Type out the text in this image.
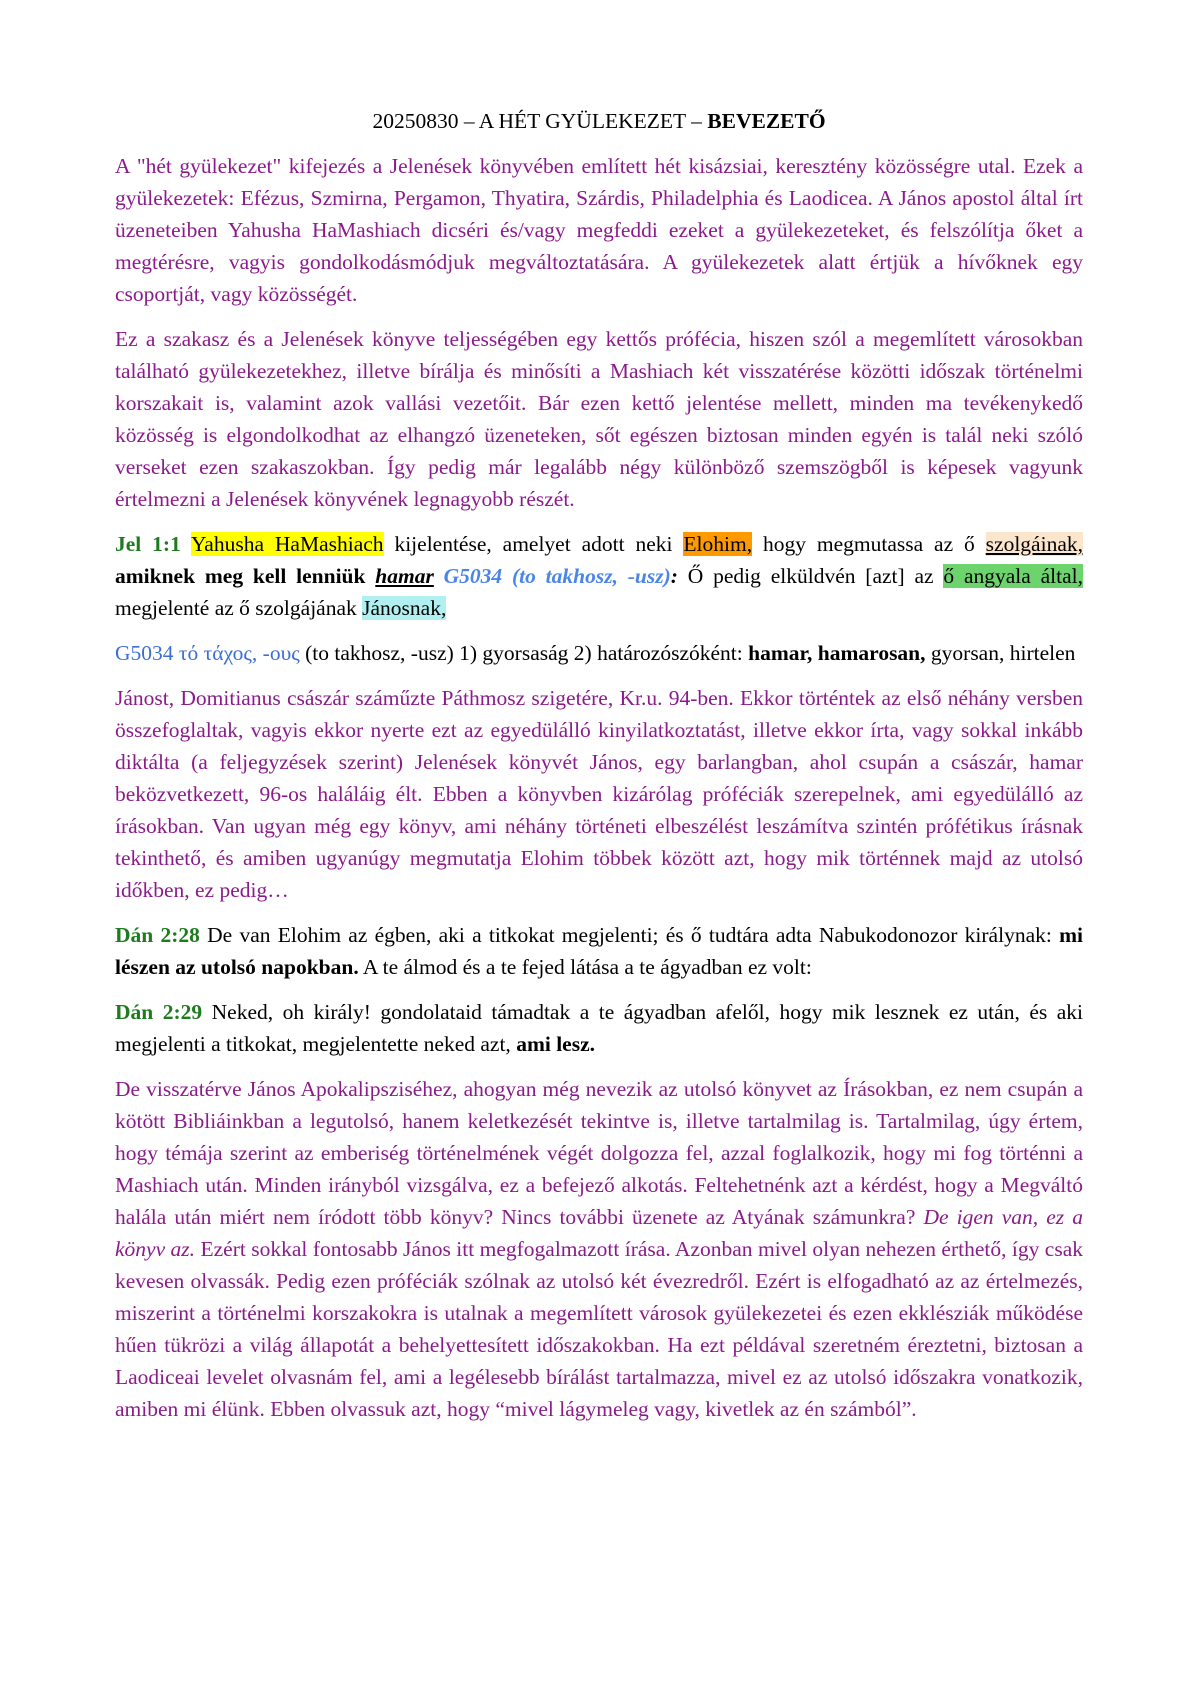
20250830 – A HÉT GYÜLEKEZET – BEVEZETŐ

A "hét gyülekezet" kifejezés a Jelenések könyvében említett hét kisázsiai, keresztény közösségre utal. Ezek a gyülekezetek: Efézus, Szmirna, Pergamon, Thyatira, Szárdis, Philadelphia és Laodicea. A János apostol által írt üzeneteiben Yahusha HaMashiach dicséri és/vagy megfeddi ezeket a gyülekezeteket, és felszólítja őket a megtérésre, vagyis gondolkodásmódjuk megváltoztatására. A gyülekezetek alatt értjük a hívőknek egy csoportját, vagy közösségét.

Ez a szakasz és a Jelenések könyve teljességében egy kettős prófécia, hiszen szól a megemlített városokban található gyülekezetekhez, illetve bírálja és minősíti a Mashiach két visszatérése közötti időszak történelmi korszakait is, valamint azok vallási vezetőit. Bár ezen kettő jelentése mellett, minden ma tevékenykedő közösség is elgondolkodhat az elhangzó üzeneteken, sőt egészen biztosan minden egyén is talál neki szóló verseket ezen szakaszokban. Így pedig már legalább négy különböző szemszögből is képesek vagyunk értelmezni a Jelenések könyvének legnagyobb részét.

Jel 1:1 Yahusha HaMashiach kijelentése, amelyet adott neki Elohim, hogy megmutassa az ő szolgáinak, amiknek meg kell lenniük hamar G5034 (to takhosz, -usz): Ő pedig elküldvén [azt] az ő angyala által, megjelenté az ő szolgájának Jánosnak,

G5034 τό τάχος, -ους (to takhosz, -usz) 1) gyorsaság 2) határozószóként: hamar, hamarosan, gyorsan, hirtelen

Jánost, Domitianus császár száműzte Páthmosz szigetére, Kr.u. 94-ben. Ekkor történtek az első néhány versben összefoglaltak, vagyis ekkor nyerte ezt az egyedülálló kinyilatkoztatást, illetve ekkor írta, vagy sokkal inkább diktálta (a feljegyzések szerint) Jelenések könyvét János, egy barlangban, ahol csupán a császár, hamar beközvetkezett, 96-os haláláig élt. Ebben a könyvben kizárólag próféciák szerepelnek, ami egyedülálló az írásokban. Van ugyan még egy könyv, ami néhány történeti elbeszélést leszámítva szintén prófétikus írásnak tekinthető, és amiben ugyanúgy megmutatja Elohim többek között azt, hogy mik történnek majd az utolsó időkben, ez pedig…

Dán 2:28 De van Elohim az égben, aki a titkokat megjelenti; és ő tudtára adta Nabukodonozor királynak: mi lészen az utolsó napokban. A te álmod és a te fejed látása a te ágyadban ez volt:

Dán 2:29 Neked, oh király! gondolataid támadtak a te ágyadban afelől, hogy mik lesznek ez után, és aki megjelenti a titkokat, megjelentette neked azt, ami lesz.

De visszatérve János Apokalipsziséhez, ahogyan még nevezik az utolsó könyvet az Írásokban, ez nem csupán a kötött Bibliáinkban a legutolsó, hanem keletkezését tekintve is, illetve tartalmilag is. Tartalmilag, úgy értem, hogy témája szerint az emberiség történelmének végét dolgozza fel, azzal foglalkozik, hogy mi fog történni a Mashiach után. Minden irányból vizsgálva, ez a befejező alkotás. Feltehetnénk azt a kérdést, hogy a Megváltó halála után miért nem íródott több könyv? Nincs további üzenete az Atyának számunkra? De igen van, ez a könyv az. Ezért sokkal fontosabb János itt megfogalmazott írása. Azonban mivel olyan nehezen érthető, így csak kevesen olvassák. Pedig ezen próféciák szólnak az utolsó két évezredről. Ezért is elfogadható az az értelmezés, miszerint a történelmi korszakokra is utalnak a megemlített városok gyülekezetei és ezen ekklésziák működése hűen tükrözi a világ állapotát a behelyettesített időszakokban. Ha ezt példával szeretném éreztetni, biztosan a Laodiceai levelet olvasnám fel, ami a legélesebb bírálást tartalmazza, mivel ez az utolsó időszakra vonatkozik, amiben mi élünk. Ebben olvassuk azt, hogy “mivel lágymeleg vagy, kivetlek az én számból”.
